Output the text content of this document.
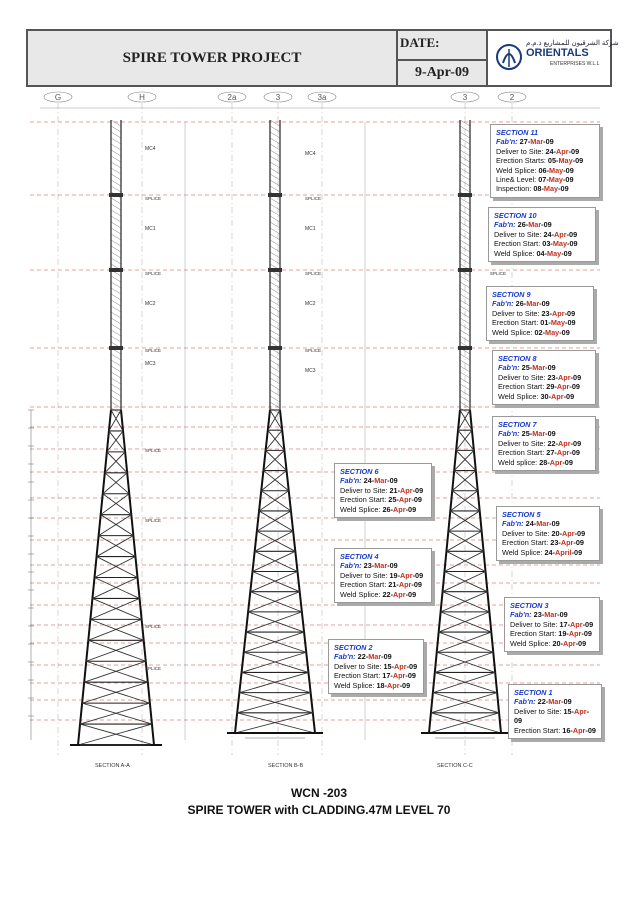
SPIRE TOWER PROJECT
DATE:
9-Apr-09
شركة الشرقيون للمشاريع ذ.م.م
ORIENTALS
ENTERPRISES W.L.L
G	H	2a	3	3a	3	2
SECTION A-A	SECTION B-B	SECTION C-C
SPLICE
SPLICE
SPLICE
SPLICE
SPLICE
SPLICE
SPLICE
SPLICE
SPLICE
SPLICE
SPLICE
MC4
MC4
MC1	MC1
MC2	MC2
MC3
MC3
SECTION 11
Fab'n: 27-Mar-09
Deliver to Site: 24-Apr-09
Erection Starts: 05-May-09
Weld Splice: 06-May-09
Line& Level: 07-May-09
Inspection: 08-May-09
SECTION 10
Fab'n: 26-Mar-09
Deliver to Site: 24-Apr-09
Erection Start: 03-May-09
Weld Splice: 04-May-09
SECTION 9
Fab'n: 26-Mar-09
Deliver to Site: 23-Apr-09
Erection Start: 01-May-09
Weld Splice: 02-May-09
SECTION 8
Fab'n: 25-Mar-09
Deliver to Site: 23-Apr-09
Erection Start: 29-Apr-09
Weld Splice: 30-Apr-09
SECTION 7
Fab'n: 25-Mar-09
Deliver to Site: 22-Apr-09
Erection Start: 27-Apr-09
Weld splice: 28-Apr-09
SECTION 6
Fab'n: 24-Mar-09
Deliver to Site: 21-Apr-09
Erection Start: 25-Apr-09
Weld Splice: 26-Apr-09
SECTION 5
Fab'n: 24-Mar-09
Deliver to Site: 20-Apr-09
Erection Start: 23-Apr-09
Weld Splice: 24-April-09
SECTION 4
Fab'n: 23-Mar-09
Deliver to Site: 19-Apr-09
Erection Start: 21-Apr-09
Weld Splice: 22-Apr-09
SECTION 3
Fab'n: 23-Mar-09
Deliver to Site: 17-Apr-09
Erection Start: 19-Apr-09
Weld Splice: 20-Apr-09
SECTION 2
Fab'n: 22-Mar-09
Deliver to Site: 15-Apr-09
Erection Start: 17-Apr-09
Weld Splice: 18-Apr-09
SECTION 1
Fab'n: 22-Mar-09
Deliver to Site: 15-Apr-09
Erection Start: 16-Apr-09
WCN -203
SPIRE TOWER with CLADDING.47M LEVEL 70
